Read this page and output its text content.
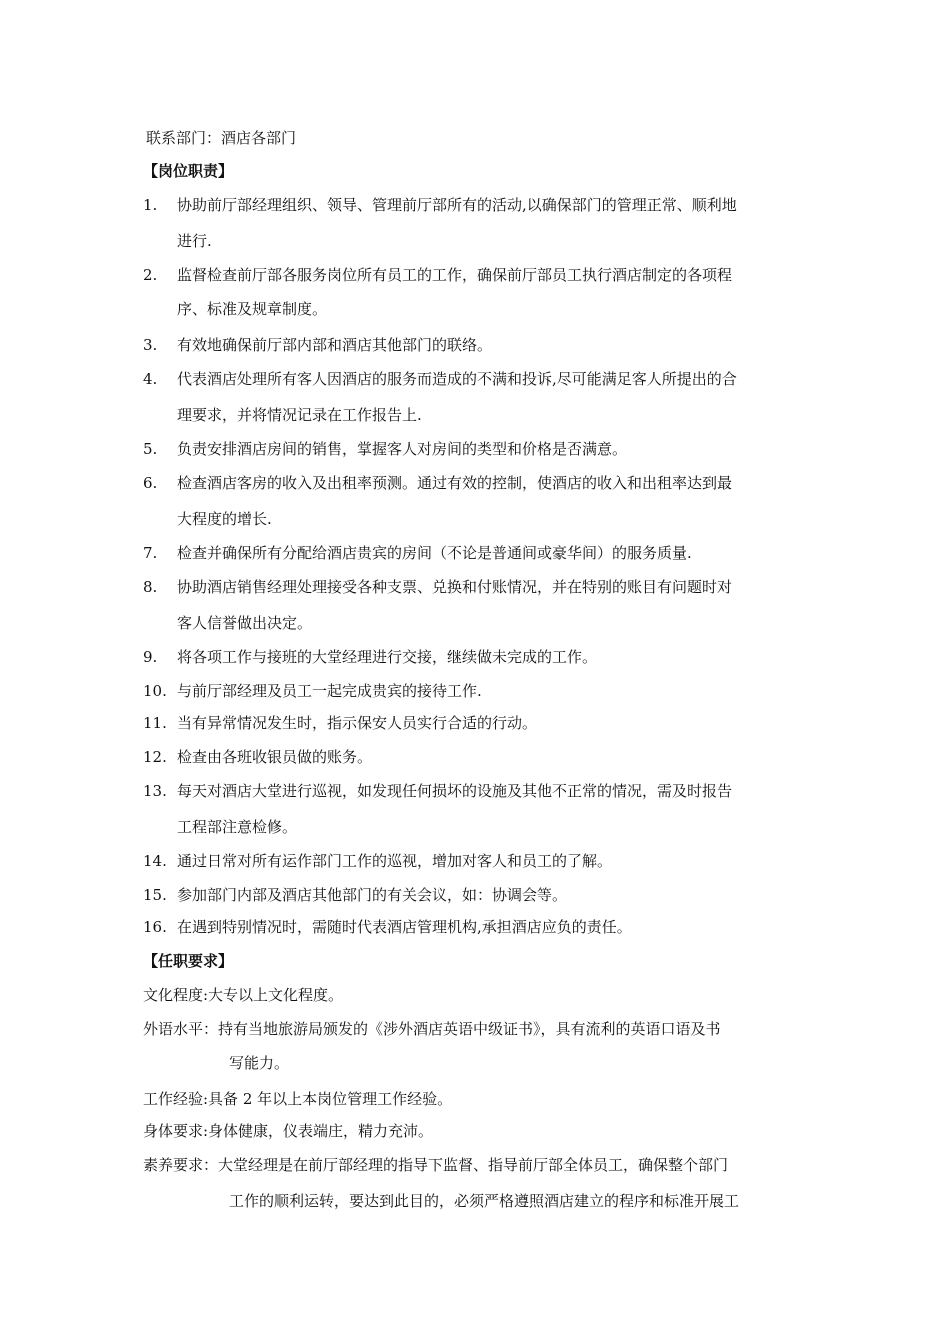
联系部门：酒店各部门
【岗位职责】
1. 协助前厅部经理组织、领导、管理前厅部所有的活动,以确保部门的管理正常、顺利地
进行.
2. 监督检查前厅部各服务岗位所有员工的工作，确保前厅部员工执行酒店制定的各项程
序、标准及规章制度。
3. 有效地确保前厅部内部和酒店其他部门的联络。
4. 代表酒店处理所有客人因酒店的服务而造成的不满和投诉,尽可能满足客人所提出的合
理要求，并将情况记录在工作报告上.
5. 负责安排酒店房间的销售，掌握客人对房间的类型和价格是否满意。
6. 检查酒店客房的收入及出租率预测。通过有效的控制，使酒店的收入和出租率达到最
大程度的增长.
7. 检查并确保所有分配给酒店贵宾的房间（不论是普通间或豪华间）的服务质量.
8. 协助酒店销售经理处理接受各种支票、兑换和付账情况，并在特别的账目有问题时对
客人信誉做出决定。
9. 将各项工作与接班的大堂经理进行交接，继续做未完成的工作。
10. 与前厅部经理及员工一起完成贵宾的接待工作.
11. 当有异常情况发生时，指示保安人员实行合适的行动。
12. 检查由各班收银员做的账务。
13. 每天对酒店大堂进行巡视，如发现任何损坏的设施及其他不正常的情况，需及时报告
工程部注意检修。
14. 通过日常对所有运作部门工作的巡视，增加对客人和员工的了解。
15. 参加部门内部及酒店其他部门的有关会议，如：协调会等。
16. 在遇到特别情况时，需随时代表酒店管理机构,承担酒店应负的责任。
【任职要求】
文化程度:大专以上文化程度。
外语水平：持有当地旅游局颁发的《涉外酒店英语中级证书》，具有流利的英语口语及书
写能力。
工作经验:具备 2 年以上本岗位管理工作经验。
身体要求:身体健康，仪表端庄，精力充沛。
素养要求：大堂经理是在前厅部经理的指导下监督、指导前厅部全体员工，确保整个部门
工作的顺利运转，要达到此目的，必须严格遵照酒店建立的程序和标准开展工
